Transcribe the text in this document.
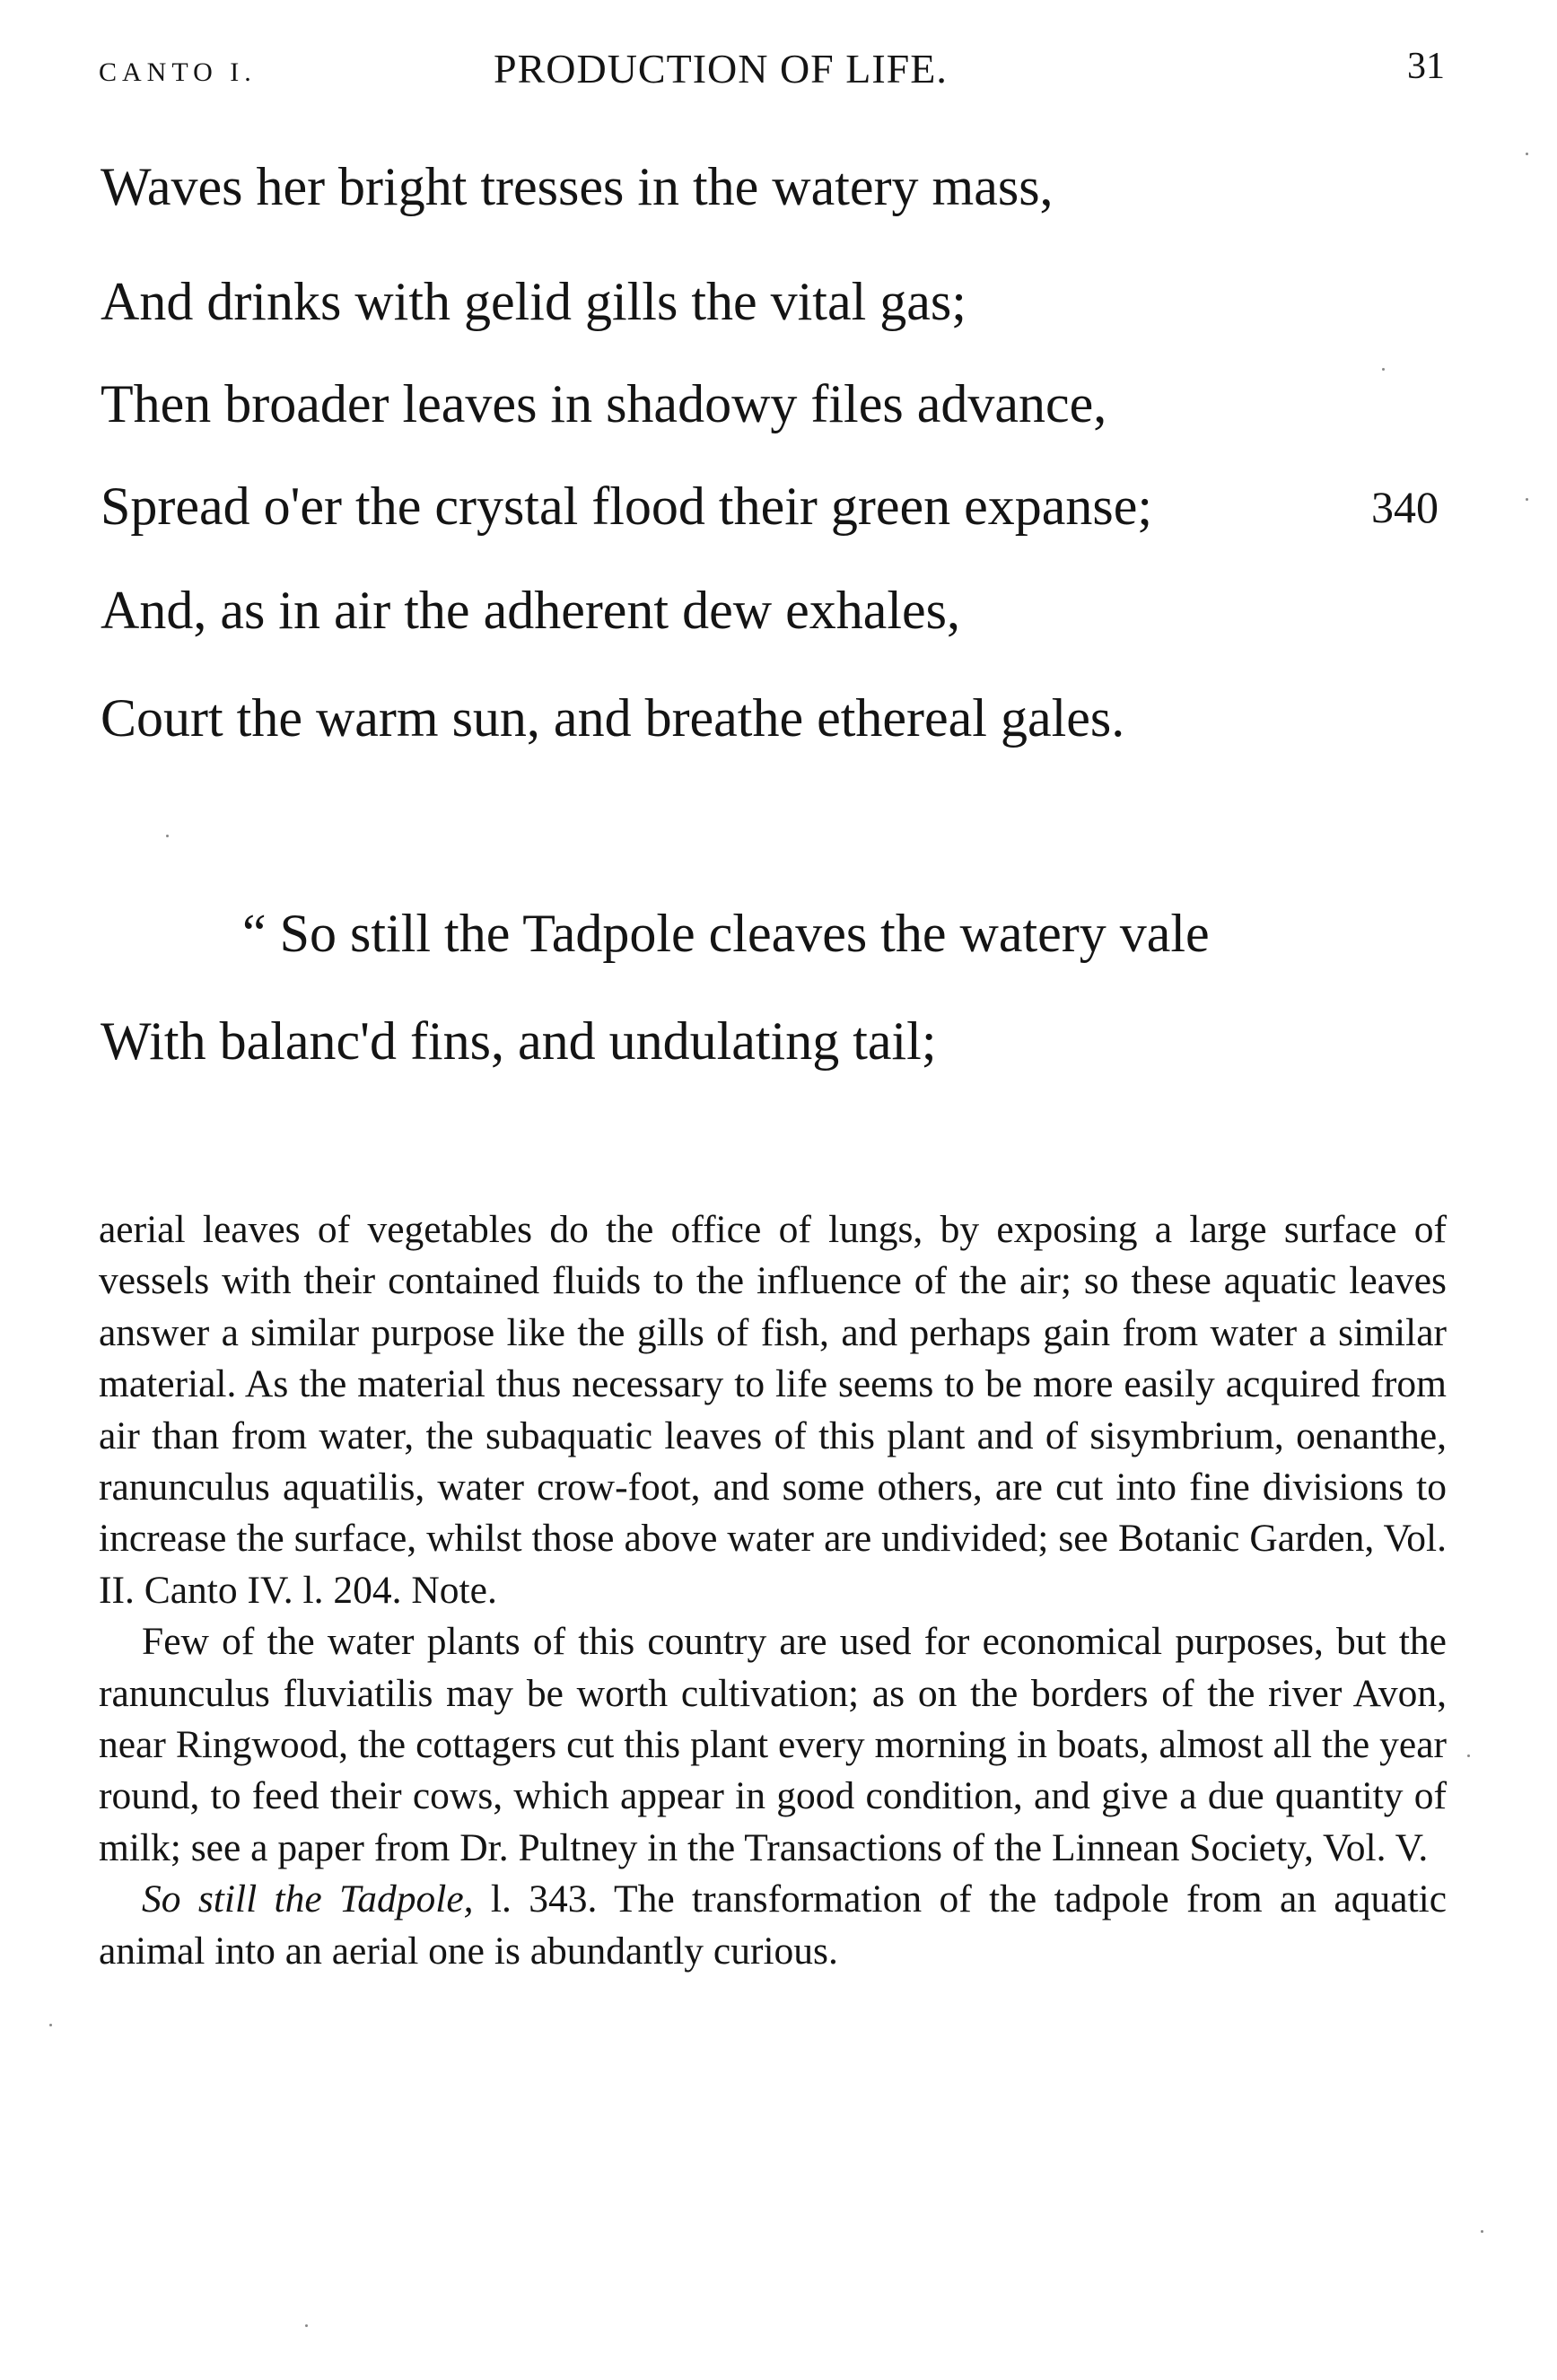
CANTO I.	PRODUCTION OF LIFE.	31
Waves her bright tresses in the watery mass,
And drinks with gelid gills the vital gas;
Then broader leaves in shadowy files advance,
Spread o'er the crystal flood their green expanse;	340
And, as in air the adherent dew exhales,
Court the warm sun, and breathe ethereal gales.
“ So still the Tadpole cleaves the watery vale
With balanc'd fins, and undulating tail;

aerial leaves of vegetables do the office of lungs, by exposing a large surface of vessels with their contained fluids to the influence of the air; so these aquatic leaves answer a similar purpose like the gills of fish, and perhaps gain from water a similar material. As the material thus necessary to life seems to be more easily acquired from air than from water, the subaquatic leaves of this plant and of sisymbrium, oenanthe, ranunculus aquatilis, water crow-foot, and some others, are cut into fine divisions to increase the surface, whilst those above water are undivided; see Botanic Garden, Vol. II. Canto IV. l. 204. Note.

Few of the water plants of this country are used for economical purposes, but the ranunculus fluviatilis may be worth cultivation; as on the borders of the river Avon, near Ringwood, the cottagers cut this plant every morning in boats, almost all the year round, to feed their cows, which appear in good condition, and give a due quantity of milk; see a paper from Dr. Pultney in the Transactions of the Linnean Society, Vol. V.

So still the Tadpole, l. 343. The transformation of the tadpole from an aquatic animal into an aerial one is abundantly curious.
